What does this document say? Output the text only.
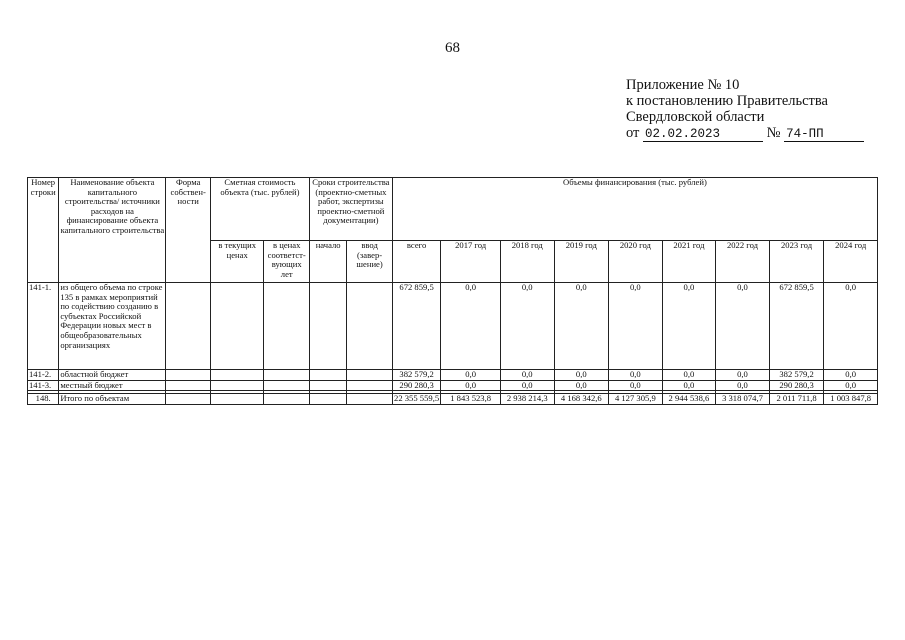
68
Приложение № 10
к постановлению Правительства
Свердловской области
от 02.02.2023	№ 74-ПП
Номер строки	Наименование объекта капитального строительства/ источники расходов на финансирование объекта капитального строительства	Форма собствен- ности	Сметная стоимость объекта (тыс. рублей)		Сроки строительства (проектно-сметных работ, экспертизы проектно-сметной документации)		Объемы финансирования (тыс. рублей)								
			в текущих ценах	в ценах соответст- вующих лет	начало	ввод (завер- шение)	всего	2017 год	2018 год	2019 год	2020 год	2021 год	2022 год	2023 год	2024 год
141-1.	из общего объема по строке 135 в рамках мероприятий по содействию созданию в субъектах Российской Федерации новых мест в общеобразовательных организациях						672 859,5	0,0	0,0	0,0	0,0	0,0	0,0	672 859,5	0,0
141-2.	областной бюджет						382 579,2	0,0	0,0	0,0	0,0	0,0	0,0	382 579,2	0,0
141-3.	местный бюджет						290 280,3	0,0	0,0	0,0	0,0	0,0	0,0	290 280,3	0,0

148.	Итого по объектам						22 355 559,5	1 843 523,8	2 938 214,3	4 168 342,6	4 127 305,9	2 944 538,6	3 318 074,7	2 011 711,8	1 003 847,8
